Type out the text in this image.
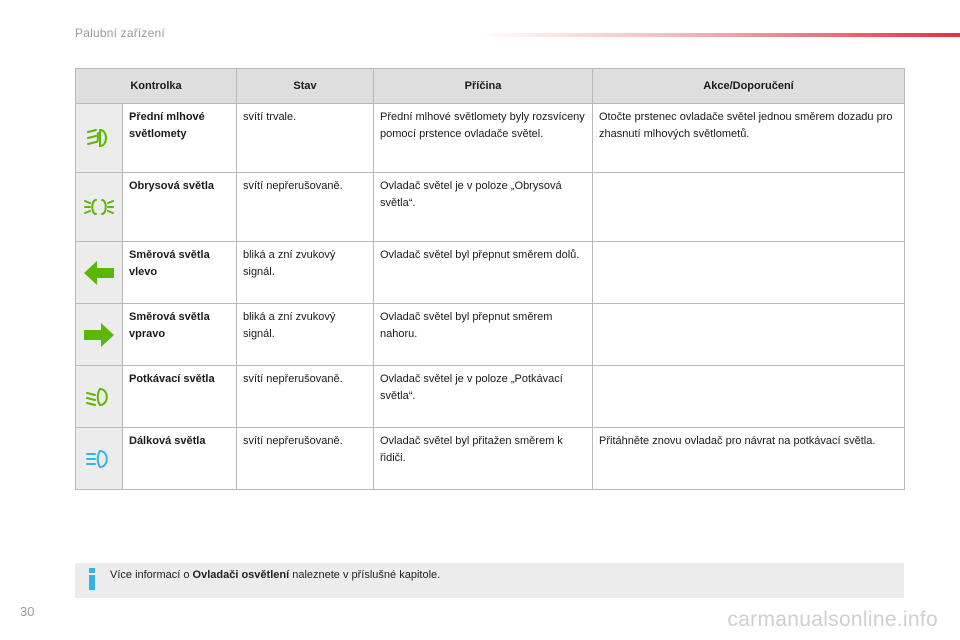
Palubní zařízení
Kontrolka		Stav	Příčina	Akce/Doporučení
	Přední mlhové světlomety	svítí trvale.	Přední mlhové světlomety byly rozsvíceny pomocí prstence ovladače světel.	Otočte prstenec ovladače světel jednou směrem dozadu pro zhasnutí mlhových světlometů.
	Obrysová světla	svítí nepřerušovaně.	Ovladač světel je v poloze „Obrysová světla“.	
	Směrová světla vlevo	bliká a zní zvukový signál.	Ovladač světel byl přepnut směrem dolů.	
	Směrová světla vpravo	bliká a zní zvukový signál.	Ovladač světel byl přepnut směrem nahoru.	
	Potkávací světla	svítí nepřerušovaně.	Ovladač světel je v poloze „Potkávací světla“.	
	Dálková světla	svítí nepřerušovaně.	Ovladač světel byl přitažen směrem k řidiči.	Přitáhněte znovu ovladač pro návrat na potkávací světla.
Více informací o Ovladači osvětlení naleznete v příslušné kapitole.
30	carmanualsonline.info
